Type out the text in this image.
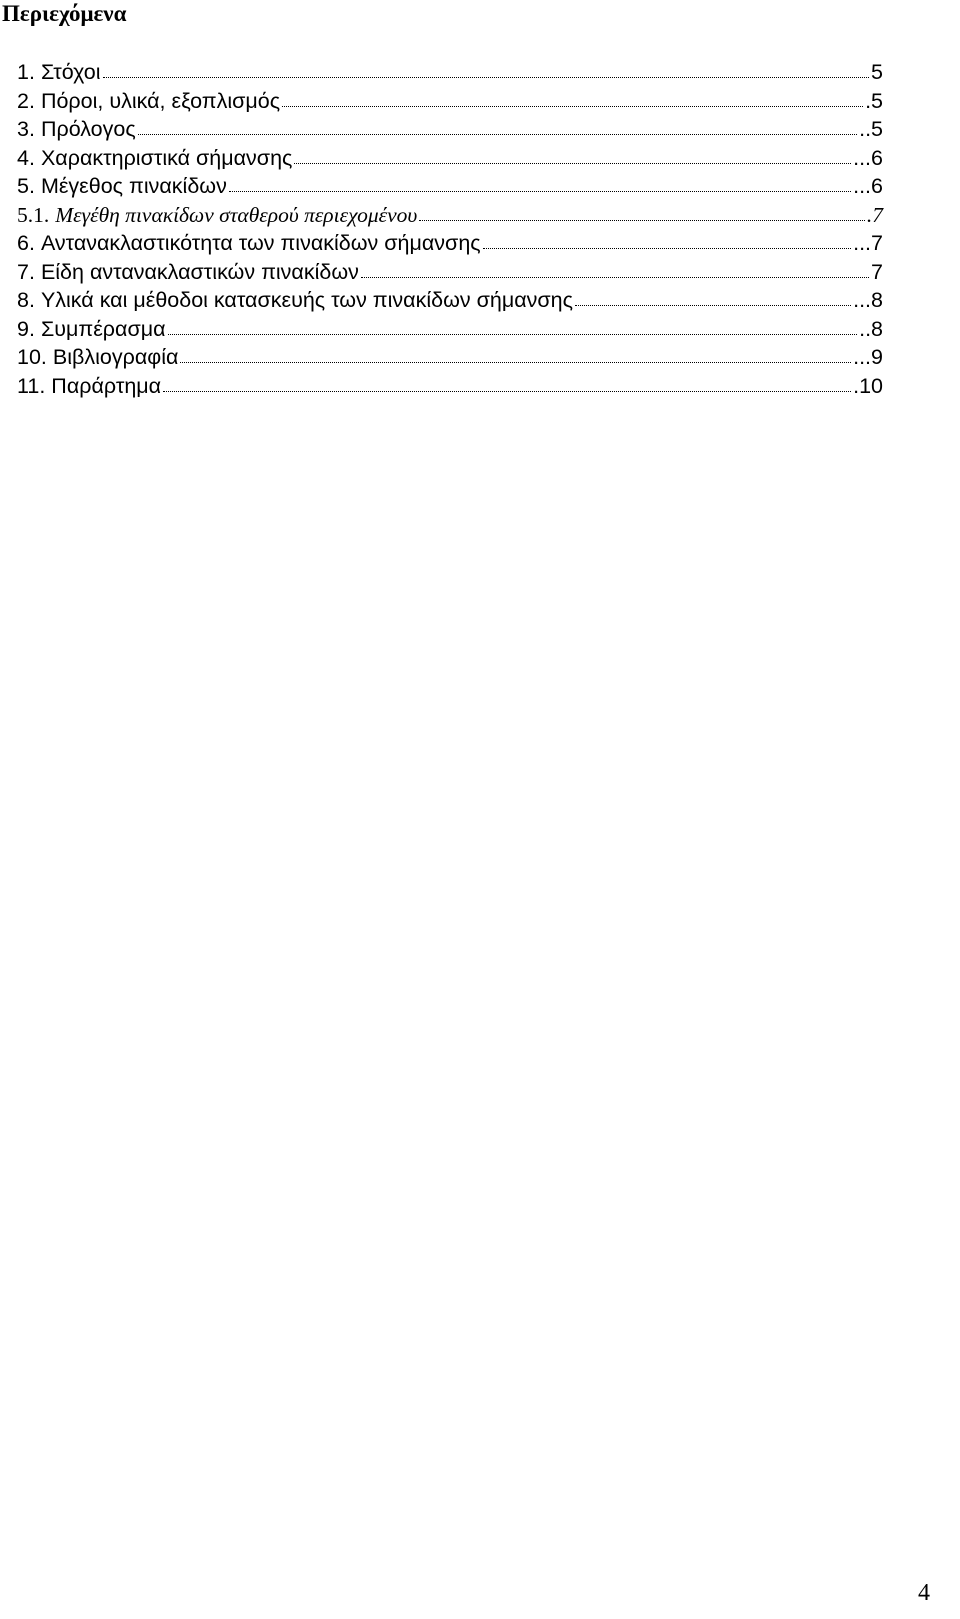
Περιεχόμενα
1. Στόχοι	5
2. Πόροι, υλικά, εξοπλισμός	.5
3. Πρόλογος	..5
4. Χαρακτηριστικά σήμανσης	...6
5. Μέγεθος πινακίδων	...6
5.1. Μεγέθη πινακίδων σταθερού περιεχομένου	.7
6. Αντανακλαστικότητα των πινακίδων σήμανσης	...7
7. Είδη αντανακλαστικών πινακίδων	7
8. Υλικά και μέθοδοι κατασκευής των πινακίδων σήμανσης	...8
9. Συμπέρασμα	..8
10. Βιβλιογραφία	...9
11. Παράρτημα	.10
4
